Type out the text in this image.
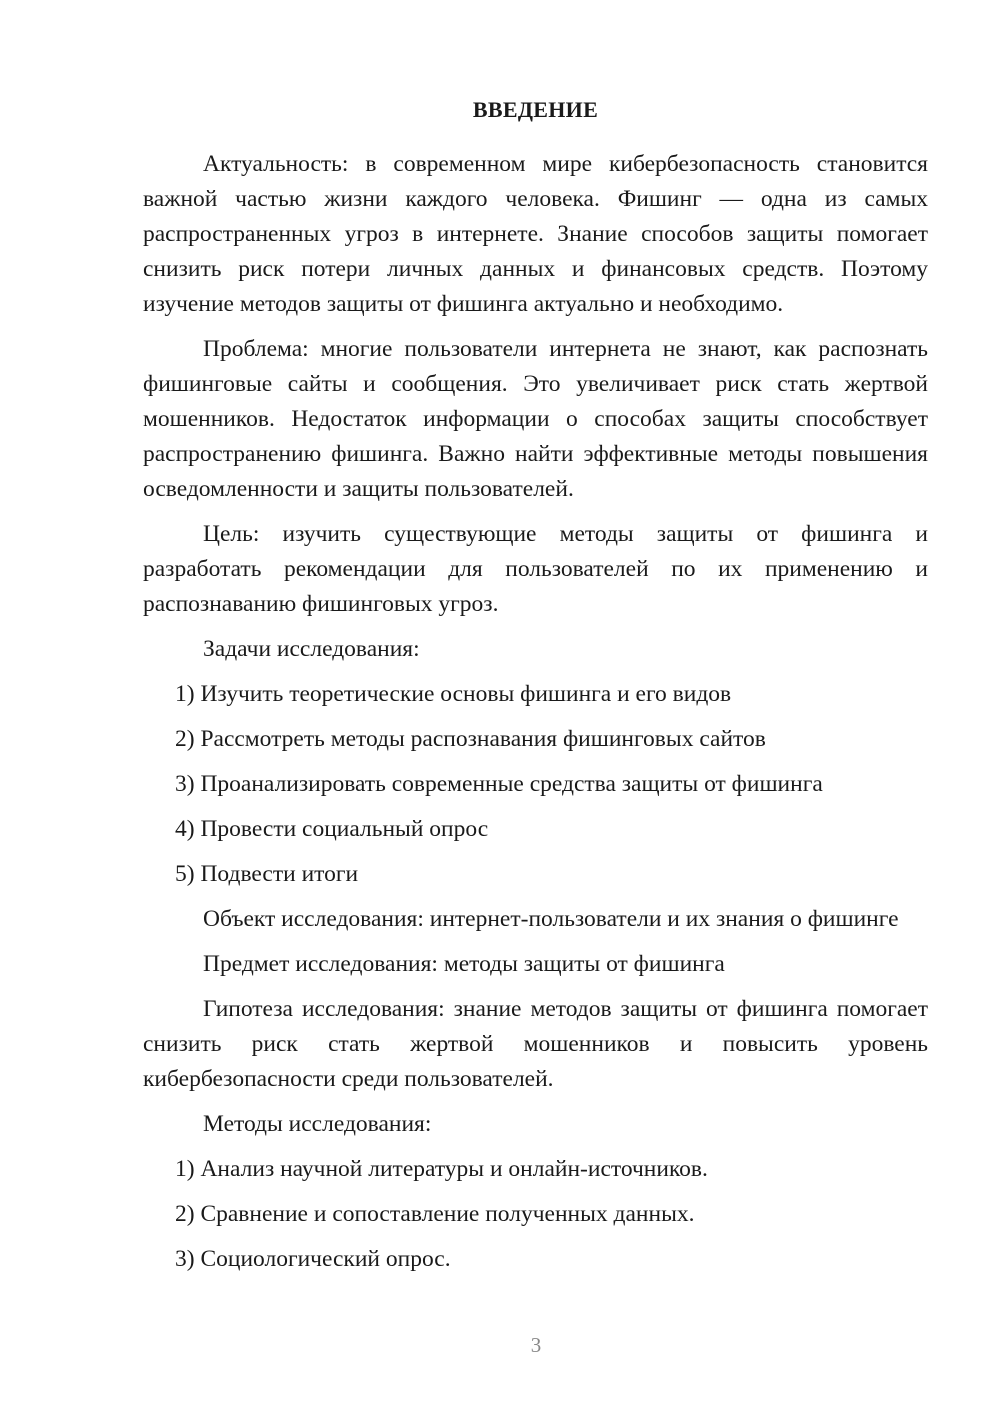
ВВЕДЕНИЕ

Актуальность: в современном мире кибербезопасность становится важной частью жизни каждого человека. Фишинг — одна из самых распространенных угроз в интернете. Знание способов защиты помогает снизить риск потери личных данных и финансовых средств. Поэтому изучение методов защиты от фишинга актуально и необходимо.

Проблема: многие пользователи интернета не знают, как распознать фишинговые сайты и сообщения. Это увеличивает риск стать жертвой мошенников. Недостаток информации о способах защиты способствует распространению фишинга. Важно найти эффективные методы повышения осведомленности и защиты пользователей.

Цель: изучить существующие методы защиты от фишинга и разработать рекомендации для пользователей по их применению и распознаванию фишинговых угроз.

Задачи исследования:

1) Изучить теоретические основы фишинга и его видов
2) Рассмотреть методы распознавания фишинговых сайтов
3) Проанализировать современные средства защиты от фишинга
4) Провести социальный опрос
5) Подвести итоги

Объект исследования: интернет-пользователи и их знания о фишинге

Предмет исследования: методы защиты от фишинга

Гипотеза исследования: знание методов защиты от фишинга помогает снизить риск стать жертвой мошенников и повысить уровень кибербезопасности среди пользователей.

Методы исследования:

1) Анализ научной литературы и онлайн-источников.
2) Сравнение и сопоставление полученных данных.
3) Социологический опрос.
3
